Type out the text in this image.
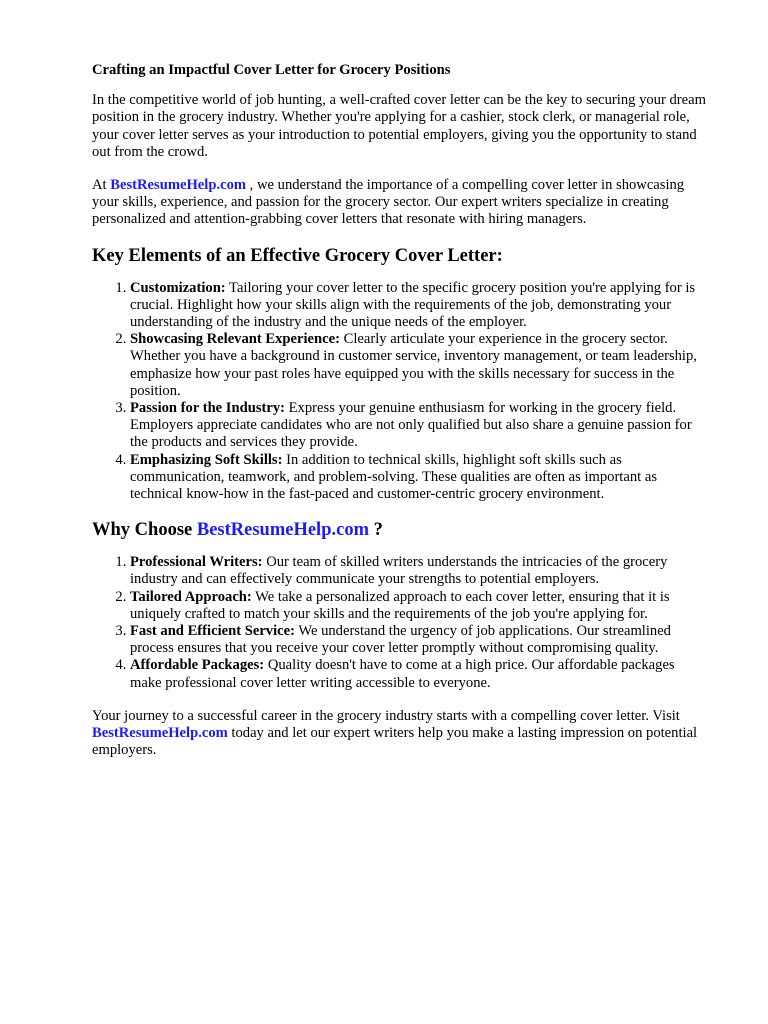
Crafting an Impactful Cover Letter for Grocery Positions

In the competitive world of job hunting, a well-crafted cover letter can be the key to securing your dream position in the grocery industry. Whether you're applying for a cashier, stock clerk, or managerial role, your cover letter serves as your introduction to potential employers, giving you the opportunity to stand out from the crowd.

At BestResumeHelp.com , we understand the importance of a compelling cover letter in showcasing your skills, experience, and passion for the grocery sector. Our expert writers specialize in creating personalized and attention-grabbing cover letters that resonate with hiring managers.

Key Elements of an Effective Grocery Cover Letter:
1. Customization: Tailoring your cover letter to the specific grocery position you're applying for is crucial. Highlight how your skills align with the requirements of the job, demonstrating your understanding of the industry and the unique needs of the employer.
2. Showcasing Relevant Experience: Clearly articulate your experience in the grocery sector. Whether you have a background in customer service, inventory management, or team leadership, emphasize how your past roles have equipped you with the skills necessary for success in the position.
3. Passion for the Industry: Express your genuine enthusiasm for working in the grocery field. Employers appreciate candidates who are not only qualified but also share a genuine passion for the products and services they provide.
4. Emphasizing Soft Skills: In addition to technical skills, highlight soft skills such as communication, teamwork, and problem-solving. These qualities are often as important as technical know-how in the fast-paced and customer-centric grocery environment.
Why Choose BestResumeHelp.com ?
1. Professional Writers: Our team of skilled writers understands the intricacies of the grocery industry and can effectively communicate your strengths to potential employers.
2. Tailored Approach: We take a personalized approach to each cover letter, ensuring that it is uniquely crafted to match your skills and the requirements of the job you're applying for.
3. Fast and Efficient Service: We understand the urgency of job applications. Our streamlined process ensures that you receive your cover letter promptly without compromising quality.
4. Affordable Packages: Quality doesn't have to come at a high price. Our affordable packages make professional cover letter writing accessible to everyone.

Your journey to a successful career in the grocery industry starts with a compelling cover letter. Visit BestResumeHelp.com today and let our expert writers help you make a lasting impression on potential employers.
